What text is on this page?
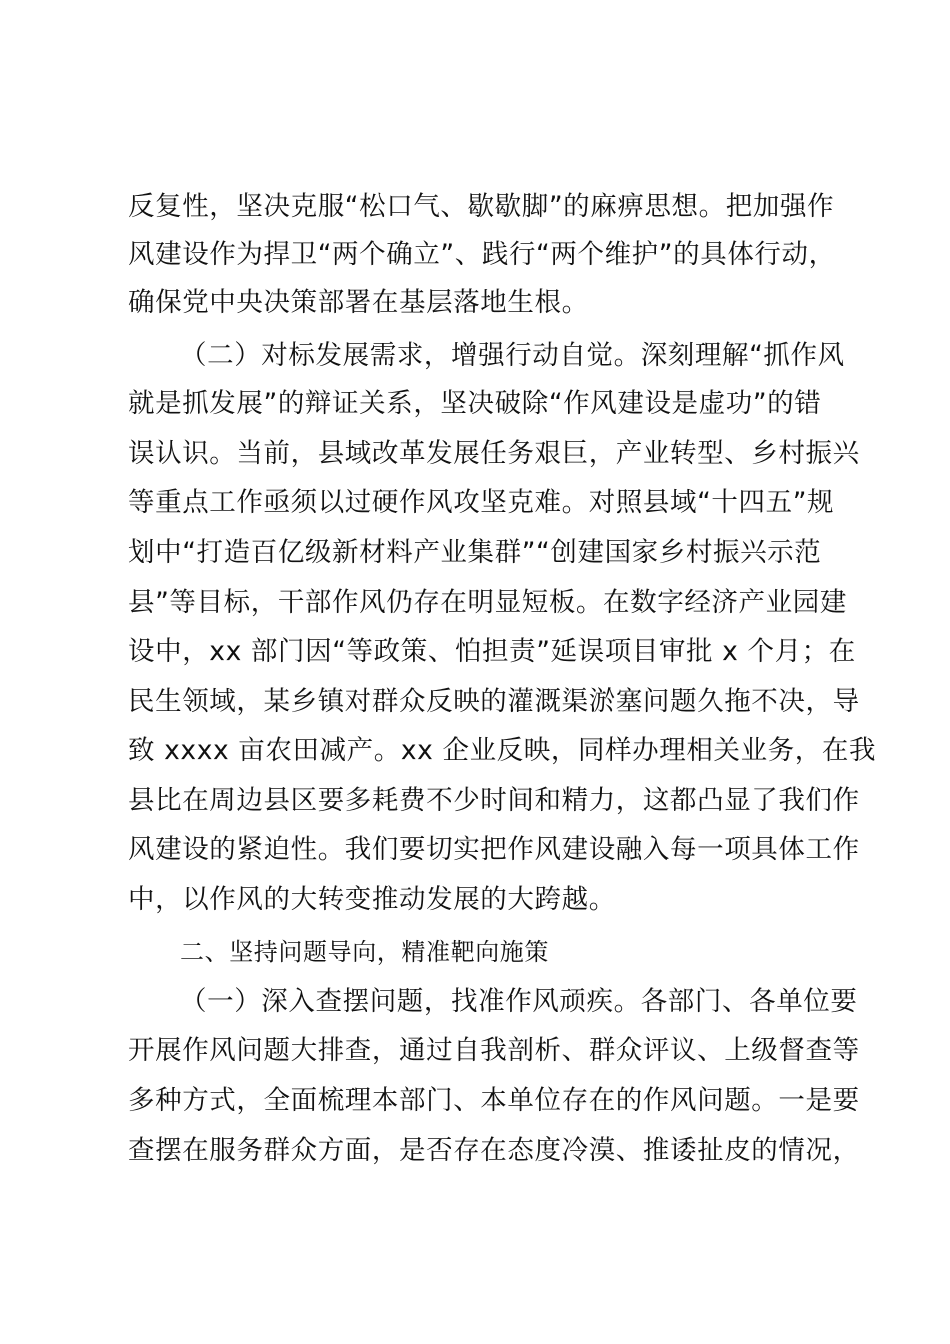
反复性，坚决克服“松口气、歇歇脚”的麻痹思想。把加强作
风建设作为捍卫“两个确立”、践行“两个维护”的具体行动，
确保党中央决策部署在基层落地生根。
（二）对标发展需求，增强行动自觉。深刻理解“抓作风
就是抓发展”的辩证关系，坚决破除“作风建设是虚功”的错
误认识。当前，县域改革发展任务艰巨，产业转型、乡村振兴
等重点工作亟须以过硬作风攻坚克难。对照县域“十四五”规
划中“打造百亿级新材料产业集群”“创建国家乡村振兴示范
县”等目标，干部作风仍存在明显短板。在数字经济产业园建
设中，xx 部门因“等政策、怕担责”延误项目审批 x 个月；在
民生领域，某乡镇对群众反映的灌溉渠淤塞问题久拖不决，导
致 xxxx 亩农田减产。xx 企业反映，同样办理相关业务，在我
县比在周边县区要多耗费不少时间和精力，这都凸显了我们作
风建设的紧迫性。我们要切实把作风建设融入每一项具体工作
中，以作风的大转变推动发展的大跨越。
二、坚持问题导向，精准靶向施策
（一）深入查摆问题，找准作风顽疾。各部门、各单位要
开展作风问题大排查，通过自我剖析、群众评议、上级督查等
多种方式，全面梳理本部门、本单位存在的作风问题。一是要
查摆在服务群众方面，是否存在态度冷漠、推诿扯皮的情况，
